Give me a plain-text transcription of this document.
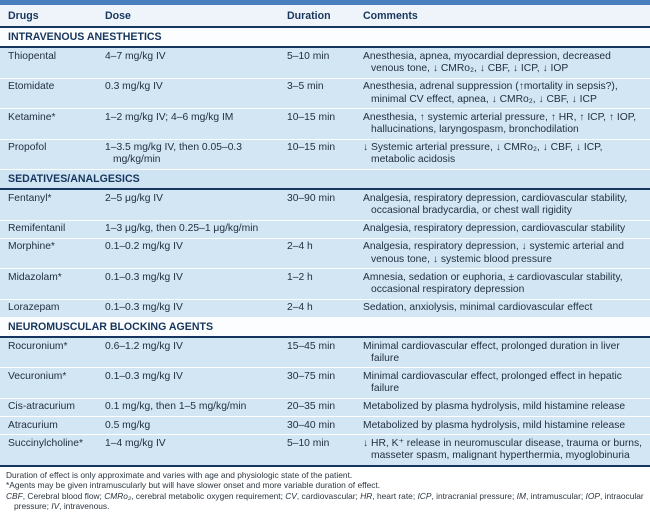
Drugs	Dose	Duration	Comments
INTRAVENOUS ANESTHETICS			
Thiopental	4–7 mg/kg IV	5–10 min	Anesthesia, apnea, myocardial depression, decreased venous tone, ↓ CMRo₂, ↓ CBF, ↓ ICP, ↓ IOP
Etomidate	0.3 mg/kg IV	3–5 min	Anesthesia, adrenal suppression (↑mortality in sepsis?), minimal CV effect, apnea, ↓ CMRo₂, ↓ CBF, ↓ ICP
Ketamine*	1–2 mg/kg IV; 4–6 mg/kg IM	10–15 min	Anesthesia, ↑ systemic arterial pressure, ↑ HR, ↑ ICP, ↑ IOP, hallucinations, laryngospasm, bronchodilation
Propofol	1–3.5 mg/kg IV, then 0.05–0.3 mg/kg/min	10–15 min	↓ Systemic arterial pressure, ↓ CMRo₂, ↓ CBF, ↓ ICP, metabolic acidosis
SEDATIVES/ANALGESICS			
Fentanyl*	2–5 μg/kg IV	30–90 min	Analgesia, respiratory depression, cardiovascular stability, occasional bradycardia, or chest wall rigidity
Remifentanil	1–3 μg/kg, then 0.25–1 μg/kg/min		Analgesia, respiratory depression, cardiovascular stability
Morphine*	0.1–0.2 mg/kg IV	2–4 h	Analgesia, respiratory depression, ↓ systemic arterial and venous tone, ↓ systemic blood pressure
Midazolam*	0.1–0.3 mg/kg IV	1–2 h	Amnesia, sedation or euphoria, ± cardiovascular stability, occasional respiratory depression
Lorazepam	0.1–0.3 mg/kg IV	2–4 h	Sedation, anxiolysis, minimal cardiovascular effect
NEUROMUSCULAR BLOCKING AGENTS			
Rocuronium*	0.6–1.2 mg/kg IV	15–45 min	Minimal cardiovascular effect, prolonged duration in liver failure
Vecuronium*	0.1–0.3 mg/kg IV	30–75 min	Minimal cardiovascular effect, prolonged effect in hepatic failure
Cis-atracurium	0.1 mg/kg, then 1–5 mg/kg/min	20–35 min	Metabolized by plasma hydrolysis, mild histamine release
Atracurium	0.5 mg/kg	30–40 min	Metabolized by plasma hydrolysis, mild histamine release
Succinylcholine*	1–4 mg/kg IV	5–10 min	↓ HR, K⁺ release in neuromuscular disease, trauma or burns, masseter spasm, malignant hyperthermia, myoglobinuria
Duration of effect is only approximate and varies with age and physiologic state of the patient.
*Agents may be given intramuscularly but will have slower onset and more variable duration of effect.
CBF, Cerebral blood flow; CMRo₂, cerebral metabolic oxygen requirement; CV, cardiovascular; HR, heart rate; ICP, intracranial pressure; IM, intramuscular; IOP, intraocular pressure; IV, intravenous.
